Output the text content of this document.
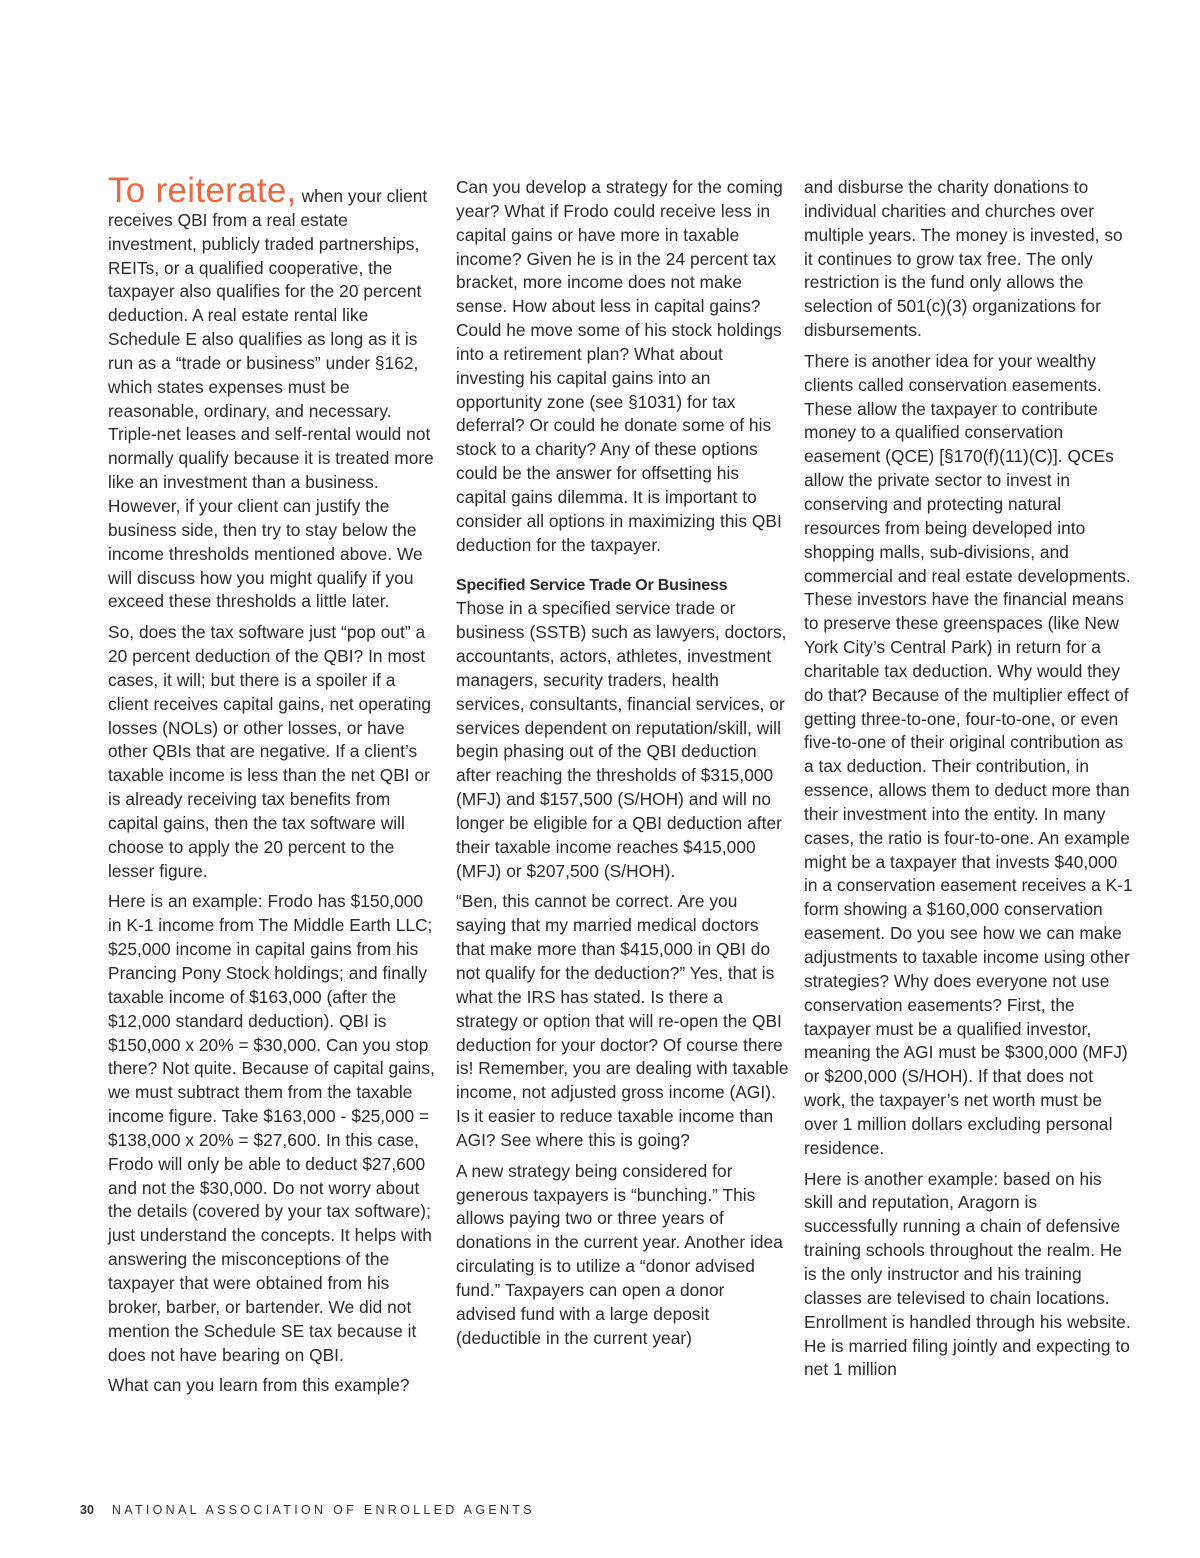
To reiterate, when your client receives QBI from a real estate investment, publicly traded partnerships, REITs, or a qualified cooperative, the taxpayer also qualifies for the 20 percent deduction. A real estate rental like Schedule E also qualifies as long as it is run as a “trade or business” under §162, which states expenses must be reasonable, ordinary, and necessary. Triple-net leases and self-rental would not normally qualify because it is treated more like an investment than a business. However, if your client can justify the business side, then try to stay below the income thresholds mentioned above. We will discuss how you might qualify if you exceed these thresholds a little later.

So, does the tax software just “pop out” a 20 percent deduction of the QBI? In most cases, it will; but there is a spoiler if a client receives capital gains, net operating losses (NOLs) or other losses, or have other QBIs that are negative. If a client’s taxable income is less than the net QBI or is already receiving tax benefits from capital gains, then the tax software will choose to apply the 20 percent to the lesser figure.

Here is an example: Frodo has $150,000 in K-1 income from The Middle Earth LLC; $25,000 income in capital gains from his Prancing Pony Stock holdings; and finally taxable income of $163,000 (after the $12,000 standard deduction). QBI is $150,000 x 20% = $30,000. Can you stop there? Not quite. Because of capital gains, we must subtract them from the taxable income figure. Take $163,000 - $25,000 = $138,000 x 20% = $27,600. In this case, Frodo will only be able to deduct $27,600 and not the $30,000. Do not worry about the details (covered by your tax software); just understand the concepts. It helps with answering the misconceptions of the taxpayer that were obtained from his broker, barber, or bartender. We did not mention the Schedule SE tax because it does not have bearing on QBI.

What can you learn from this example?

Can you develop a strategy for the coming year? What if Frodo could receive less in capital gains or have more in taxable income? Given he is in the 24 percent tax bracket, more income does not make sense. How about less in capital gains? Could he move some of his stock holdings into a retirement plan? What about investing his capital gains into an opportunity zone (see §1031) for tax deferral? Or could he donate some of his stock to a charity? Any of these options could be the answer for offsetting his capital gains dilemma. It is important to consider all options in maximizing this QBI deduction for the taxpayer.

Specified Service Trade Or Business

Those in a specified service trade or business (SSTB) such as lawyers, doctors, accountants, actors, athletes, investment managers, security traders, health services, consultants, financial services, or services dependent on reputation/skill, will begin phasing out of the QBI deduction after reaching the thresholds of $315,000 (MFJ) and $157,500 (S/HOH) and will no longer be eligible for a QBI deduction after their taxable income reaches $415,000 (MFJ) or $207,500 (S/HOH).

“Ben, this cannot be correct. Are you saying that my married medical doctors that make more than $415,000 in QBI do not qualify for the deduction?” Yes, that is what the IRS has stated. Is there a strategy or option that will re-open the QBI deduction for your doctor? Of course there is! Remember, you are dealing with taxable income, not adjusted gross income (AGI). Is it easier to reduce taxable income than AGI? See where this is going?

A new strategy being considered for generous taxpayers is “bunching.” This allows paying two or three years of donations in the current year. Another idea circulating is to utilize a “donor advised fund.” Taxpayers can open a donor advised fund with a large deposit (deductible in the current year)

and disburse the charity donations to individual charities and churches over multiple years. The money is invested, so it continues to grow tax free. The only restriction is the fund only allows the selection of 501(c)(3) organizations for disbursements.

There is another idea for your wealthy clients called conservation easements. These allow the taxpayer to contribute money to a qualified conservation easement (QCE) [§170(f)(11)(C)]. QCEs allow the private sector to invest in conserving and protecting natural resources from being developed into shopping malls, sub-divisions, and commercial and real estate developments. These investors have the financial means to preserve these greenspaces (like New York City’s Central Park) in return for a charitable tax deduction. Why would they do that? Because of the multiplier effect of getting three-to-one, four-to-one, or even five-to-one of their original contribution as a tax deduction. Their contribution, in essence, allows them to deduct more than their investment into the entity. In many cases, the ratio is four-to-one. An example might be a taxpayer that invests $40,000 in a conservation easement receives a K-1 form showing a $160,000 conservation easement. Do you see how we can make adjustments to taxable income using other strategies? Why does everyone not use conservation easements? First, the taxpayer must be a qualified investor, meaning the AGI must be $300,000 (MFJ) or $200,000 (S/HOH). If that does not work, the taxpayer’s net worth must be over 1 million dollars excluding personal residence.

Here is another example: based on his skill and reputation, Aragorn is successfully running a chain of defensive training schools throughout the realm. He is the only instructor and his training classes are televised to chain locations. Enrollment is handled through his website. He is married filing jointly and expecting to net 1 million

30 NATIONAL ASSOCIATION OF ENROLLED AGENTS
